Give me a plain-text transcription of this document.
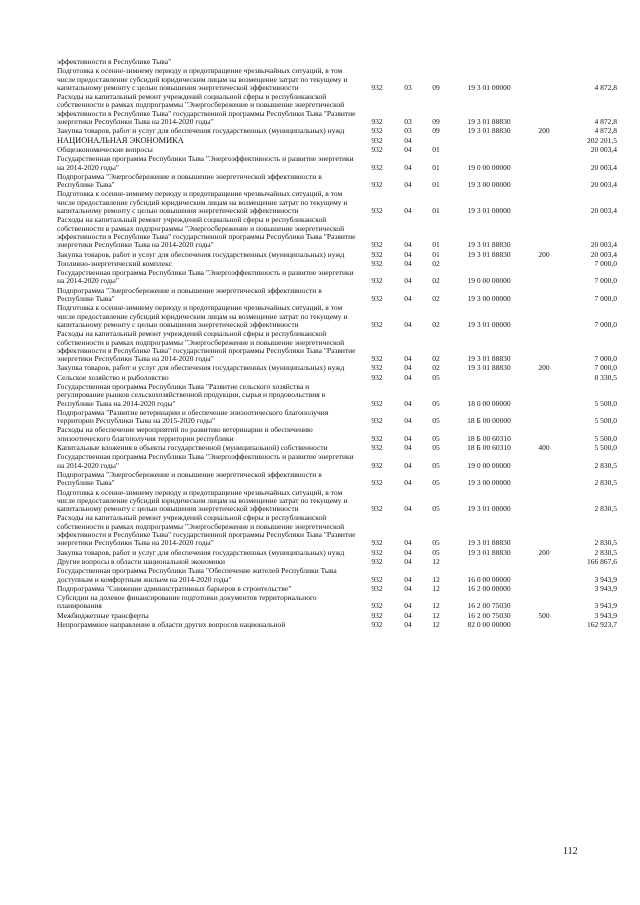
эффективности в Республике Тыва"						
Подготовка к осенне-зимнему периоду и предотвращение чрезвычайных ситуаций, в том числе предоставление субсидий юридическим лицам на возмещение затрат по текущему и капитальному ремонту с целью повышения энергетической эффективности	932	03	09	19 3 01 00000		4 872,8
Расходы на капитальный ремонт учреждений социальной сферы и республиканской собственности в рамках подпрограммы "Энергосбережение и повышение энергетической эффективности в Республике Тыва" государственной программы Республики Тыва "Развитие энергетики Республики Тыва на 2014-2020 годы"	932	03	09	19 3 01 88830		4 872,8
Закупка товаров, работ и услуг для обеспечения государственных (муниципальных) нужд	932	03	09	19 3 01 88830	200	4 872,8
НАЦИОНАЛЬНАЯ ЭКОНОМИКА	932	04				202 201,5
Общеэкономические вопросы	932	04	01			20 003,4
Государственная программа Республики Тыва "Энергоэффективность и развитие энергетики на 2014-2020 годы"	932	04	01	19 0 00 00000		20 003,4
Подпрограмма "Энергосбережение и повышение энергетической эффективности в Республике Тыва"	932	04	01	19 3 00 00000		20 003,4
Подготовка к осенне-зимнему периоду и предотвращение чрезвычайных ситуаций, в том числе предоставление субсидий юридическим лицам на возмещение затрат по текущему и капитальному ремонту с целью повышения энергетической эффективности	932	04	01	19 3 01 00000		20 003,4
Расходы на капитальный ремонт учреждений социальной сферы и республиканской собственности в рамках подпрограммы "Энергосбережение и повышение энергетической эффективности в Республике Тыва" государственной программы Республики Тыва "Развитие энергетики Республики Тыва на 2014-2020 годы"	932	04	01	19 3 01 88830		20 003,4
Закупка товаров, работ и услуг для обеспечения государственных (муниципальных) нужд	932	04	01	19 3 01 88830	200	20 003,4
Топливно-энергетический комплекс	932	04	02			7 000,0
Государственная программа Республики Тыва "Энергоэффективность и развитие энергетики на 2014-2020 годы"	932	04	02	19 0 00 00000		7 000,0
Подпрограмма "Энергосбережение и повышение энергетической эффективности в Республике Тыва"	932	04	02	19 3 00 00000		7 000,0
Подготовка к осенне-зимнему периоду и предотвращение чрезвычайных ситуаций, в том числе предоставление субсидий юридическим лицам на возмещение затрат по текущему и капитальному ремонту с целью повышения энергетической эффективности	932	04	02	19 3 01 00000		7 000,0
Расходы на капитальный ремонт учреждений социальной сферы и республиканской собственности в рамках подпрограммы "Энергосбережение и повышение энергетической эффективности в Республике Тыва" государственной программы Республики Тыва "Развитие энергетики Республики Тыва на 2014-2020 годы"	932	04	02	19 3 01 88830		7 000,0
Закупка товаров, работ и услуг для обеспечения государственных (муниципальных) нужд	932	04	02	19 3 01 88830	200	7 000,0
Сельское хозяйство и рыболовство	932	04	05			8 330,5
Государственная программа Республики Тыва "Развитие сельского хозяйства и регулирование рынков сельскохозяйственной продукции, сырья и продовольствия в Республике Тыва на 2014-2020 годы"	932	04	05	18 0 00 00000		5 500,0
Подпрограмма "Развитие ветеринарии и обеспечение эпизоотического благополучия территории Республики Тыва на 2015-2020 годы"	932	04	05	18 Б 00 00000		5 500,0
Расходы на обеспечение мероприятий по развитию ветеринарии и обеспечению эпизоотического благополучия территории республики	932	04	05	18 Б 00 60310		5 500,0
Капитальные вложения в объекты государственной (муниципальной) собственности	932	04	05	18 Б 00 60310	400	5 500,0
Государственная программа Республики Тыва "Энергоэффективность и развитие энергетики на 2014-2020 годы"	932	04	05	19 0 00 00000		2 830,5
Подпрограмма "Энергосбережение и повышение энергетической эффективности в Республике Тыва"	932	04	05	19 3 00 00000		2 830,5
Подготовка к осенне-зимнему периоду и предотвращение чрезвычайных ситуаций, в том числе предоставление субсидий юридическим лицам на возмещение затрат по текущему и капитальному ремонту с целью повышения энергетической эффективности	932	04	05	19 3 01 00000		2 830,5
Расходы на капитальный ремонт учреждений социальной сферы и республиканской собственности в рамках подпрограммы "Энергосбережение и повышение энергетической эффективности в Республике Тыва" государственной программы Республики Тыва "Развитие энергетики Республики Тыва на 2014-2020 годы"	932	04	05	19 3 01 88830		2 830,5
Закупка товаров, работ и услуг для обеспечения государственных (муниципальных) нужд	932	04	05	19 3 01 88830	200	2 830,5
Другие вопросы в области национальной экономики	932	04	12			166 867,6
Государственная программа Республики Тыва "Обеспечение жителей Республики Тыва доступным и комфортным жильем на 2014-2020 годы"	932	04	12	16 0 00 00000		3 943,9
Подпрограмма "Снижение административных барьеров в строительстве"	932	04	12	16 2 00 00000		3 943,9
Субсидии на долевое финансирование подготовки документов территориального планирования	932	04	12	16 2 00 75030		3 943,9
Межбюджетные трансферты	932	04	12	16 2 00 75030	500	3 943,9
Непрограммное направление в области других вопросов национальной	932	04	12	82 0 00 00000		162 923,7
112
